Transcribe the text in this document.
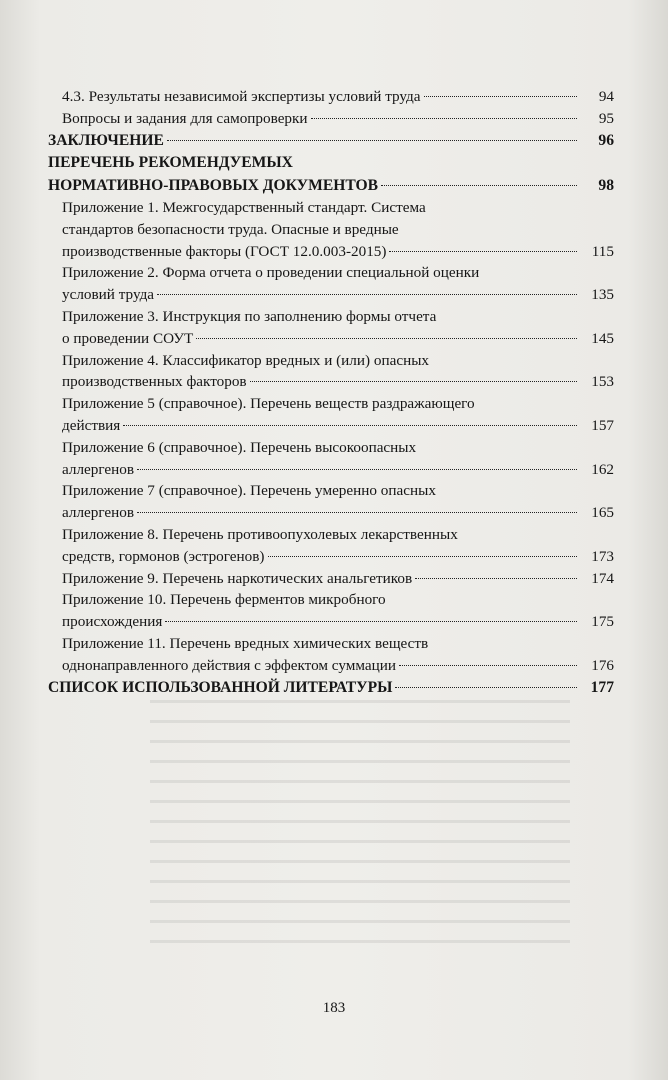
4.3. Результаты независимой экспертизы условий труда	94
Вопросы и задания для самопроверки	95
ЗАКЛЮЧЕНИЕ	96
ПЕРЕЧЕНЬ РЕКОМЕНДУЕМЫХ
НОРМАТИВНО-ПРАВОВЫХ ДОКУМЕНТОВ	98
Приложение 1. Межгосударственный стандарт. Система
стандартов безопасности труда. Опасные и вредные
производственные факторы (ГОСТ 12.0.003-2015)	115
Приложение 2. Форма отчета о проведении специальной оценки
условий труда	135
Приложение 3. Инструкция по заполнению формы отчета
о проведении СОУТ	145
Приложение 4. Классификатор вредных и (или) опасных
производственных факторов	153
Приложение 5 (справочное). Перечень веществ раздражающего
действия	157
Приложение 6 (справочное). Перечень высокоопасных
аллергенов	162
Приложение 7 (справочное). Перечень умеренно опасных
аллергенов	165
Приложение 8. Перечень противоопухолевых лекарственных
средств, гормонов (эстрогенов)	173
Приложение 9. Перечень наркотических анальгетиков	174
Приложение 10. Перечень ферментов микробного
происхождения	175
Приложение 11. Перечень вредных химических веществ
однонаправленного действия с эффектом суммации	176
СПИСОК ИСПОЛЬЗОВАННОЙ ЛИТЕРАТУРЫ	177
183
